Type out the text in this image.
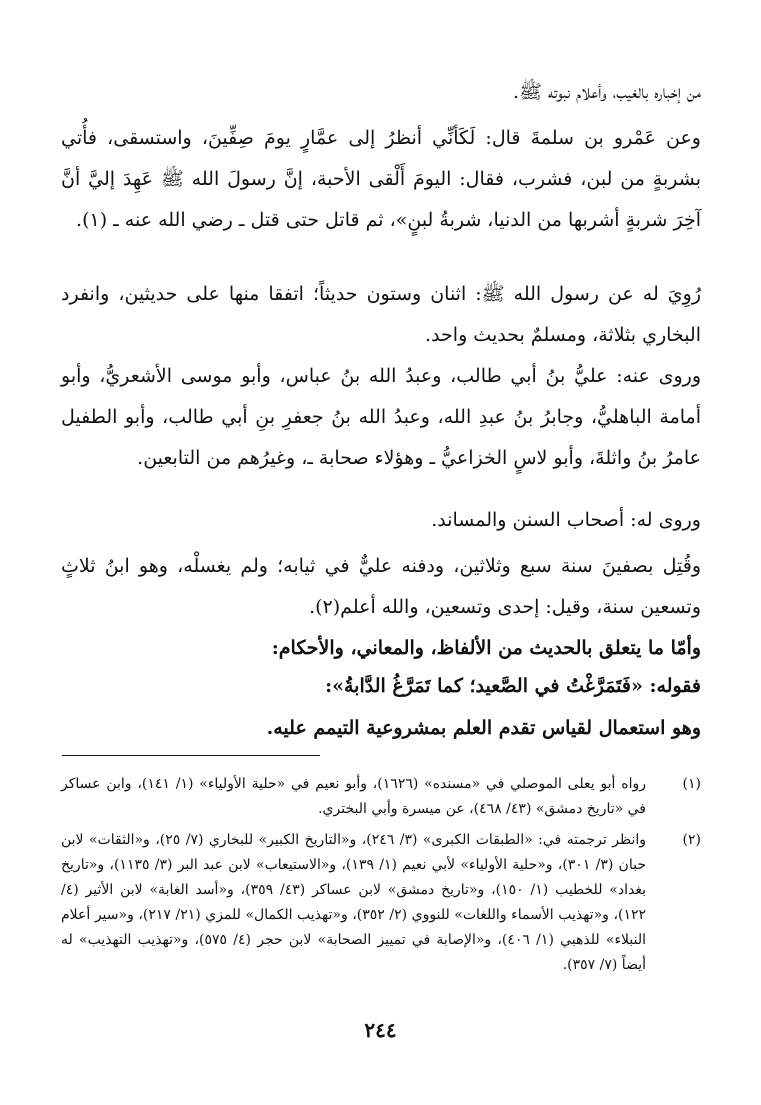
من إخباره بالغيب، وأعلام نبوته ﷺ.

وعن عَمْرو بن سلمةَ قال: لَكَأنِّي أنظرُ إلى عمَّارٍ يومَ صِفِّينَ، واستسقى، فأُتي بشربةٍ من لبن، فشرب، فقال: اليومَ أَلْقى الأحبة، إنَّ رسولَ الله ﷺ عَهِدَ إليَّ أنَّ آخِرَ شربةٍ أشربها من الدنيا، شربةُ لبنٍ»، ثم قاتل حتى قتل ـ رضي الله عنه ـ (١).

رُوِيَ له عن رسول الله ﷺ: اثنان وستون حديثاً؛ اتفقا منها على حديثين، وانفرد البخاري بثلاثة، ومسلمٌ بحديث واحد.

وروى عنه: عليُّ بنُ أبي طالب، وعبدُ الله بنُ عباس، وأبو موسى الأشعريُّ، وأبو أمامة الباهليُّ، وجابرُ بنُ عبدِ الله، وعبدُ الله بنُ جعفرِ بنِ أبي طالب، وأبو الطفيل عامرُ بنُ واثلةَ، وأبو لاسٍ الخزاعيُّ ـ وهؤلاء صحابة ـ، وغيرُهم من التابعين.

وروى له: أصحاب السنن والمساند.

وقُتِل بصفينَ سنة سبع وثلاثين، ودفنه عليٌّ في ثيابه؛ ولم يغسلْه، وهو ابنُ ثلاثٍ وتسعين سنة، وقيل: إحدى وتسعين، والله أعلم(٢).

وأمّا ما يتعلق بالحديث من الألفاظ، والمعاني، والأحكام:

فقوله: «فَتَمَرَّغْتُ في الصَّعيد؛ كما تَمَرَّغُ الدَّابةُ»:

وهو استعمال لقياس تقدم العلم بمشروعية التيمم عليه.

(١)
رواه أبو يعلى الموصلي في «مسنده» (١٦٢٦)، وأبو نعيم في «حلية الأولياء» (١/ ١٤١)، وابن عساكر في «تاريخ دمشق» (٤٣/ ٤٦٨)، عن ميسرة وأبي البختري.
(٢)
وانظر ترجمته في: «الطبقات الكبرى» (٣/ ٢٤٦)، و«التاريخ الكبير» للبخاري (٧/ ٢٥)، و«الثقات» لابن حبان (٣/ ٣٠١)، و«حلية الأولياء» لأبي نعيم (١/ ١٣٩)، و«الاستيعاب» لابن عبد البر (٣/ ١١٣٥)، و«تاريخ بغداد» للخطيب (١/ ١٥٠)، و«تاريخ دمشق» لابن عساكر (٤٣/ ٣٥٩)، و«أسد الغابة» لابن الأثير (٤/ ١٢٢)، و«تهذيب الأسماء واللغات» للنووي (٢/ ٣٥٢)، و«تهذيب الكمال» للمزي (٢١/ ٢١٧)، و«سير أعلام النبلاء» للذهبي (١/ ٤٠٦)، و«الإصابة في تمييز الصحابة» لابن حجر (٤/ ٥٧٥)، و«تهذيب التهذيب» له أيضاً (٧/ ٣٥٧).
٢٤٤
